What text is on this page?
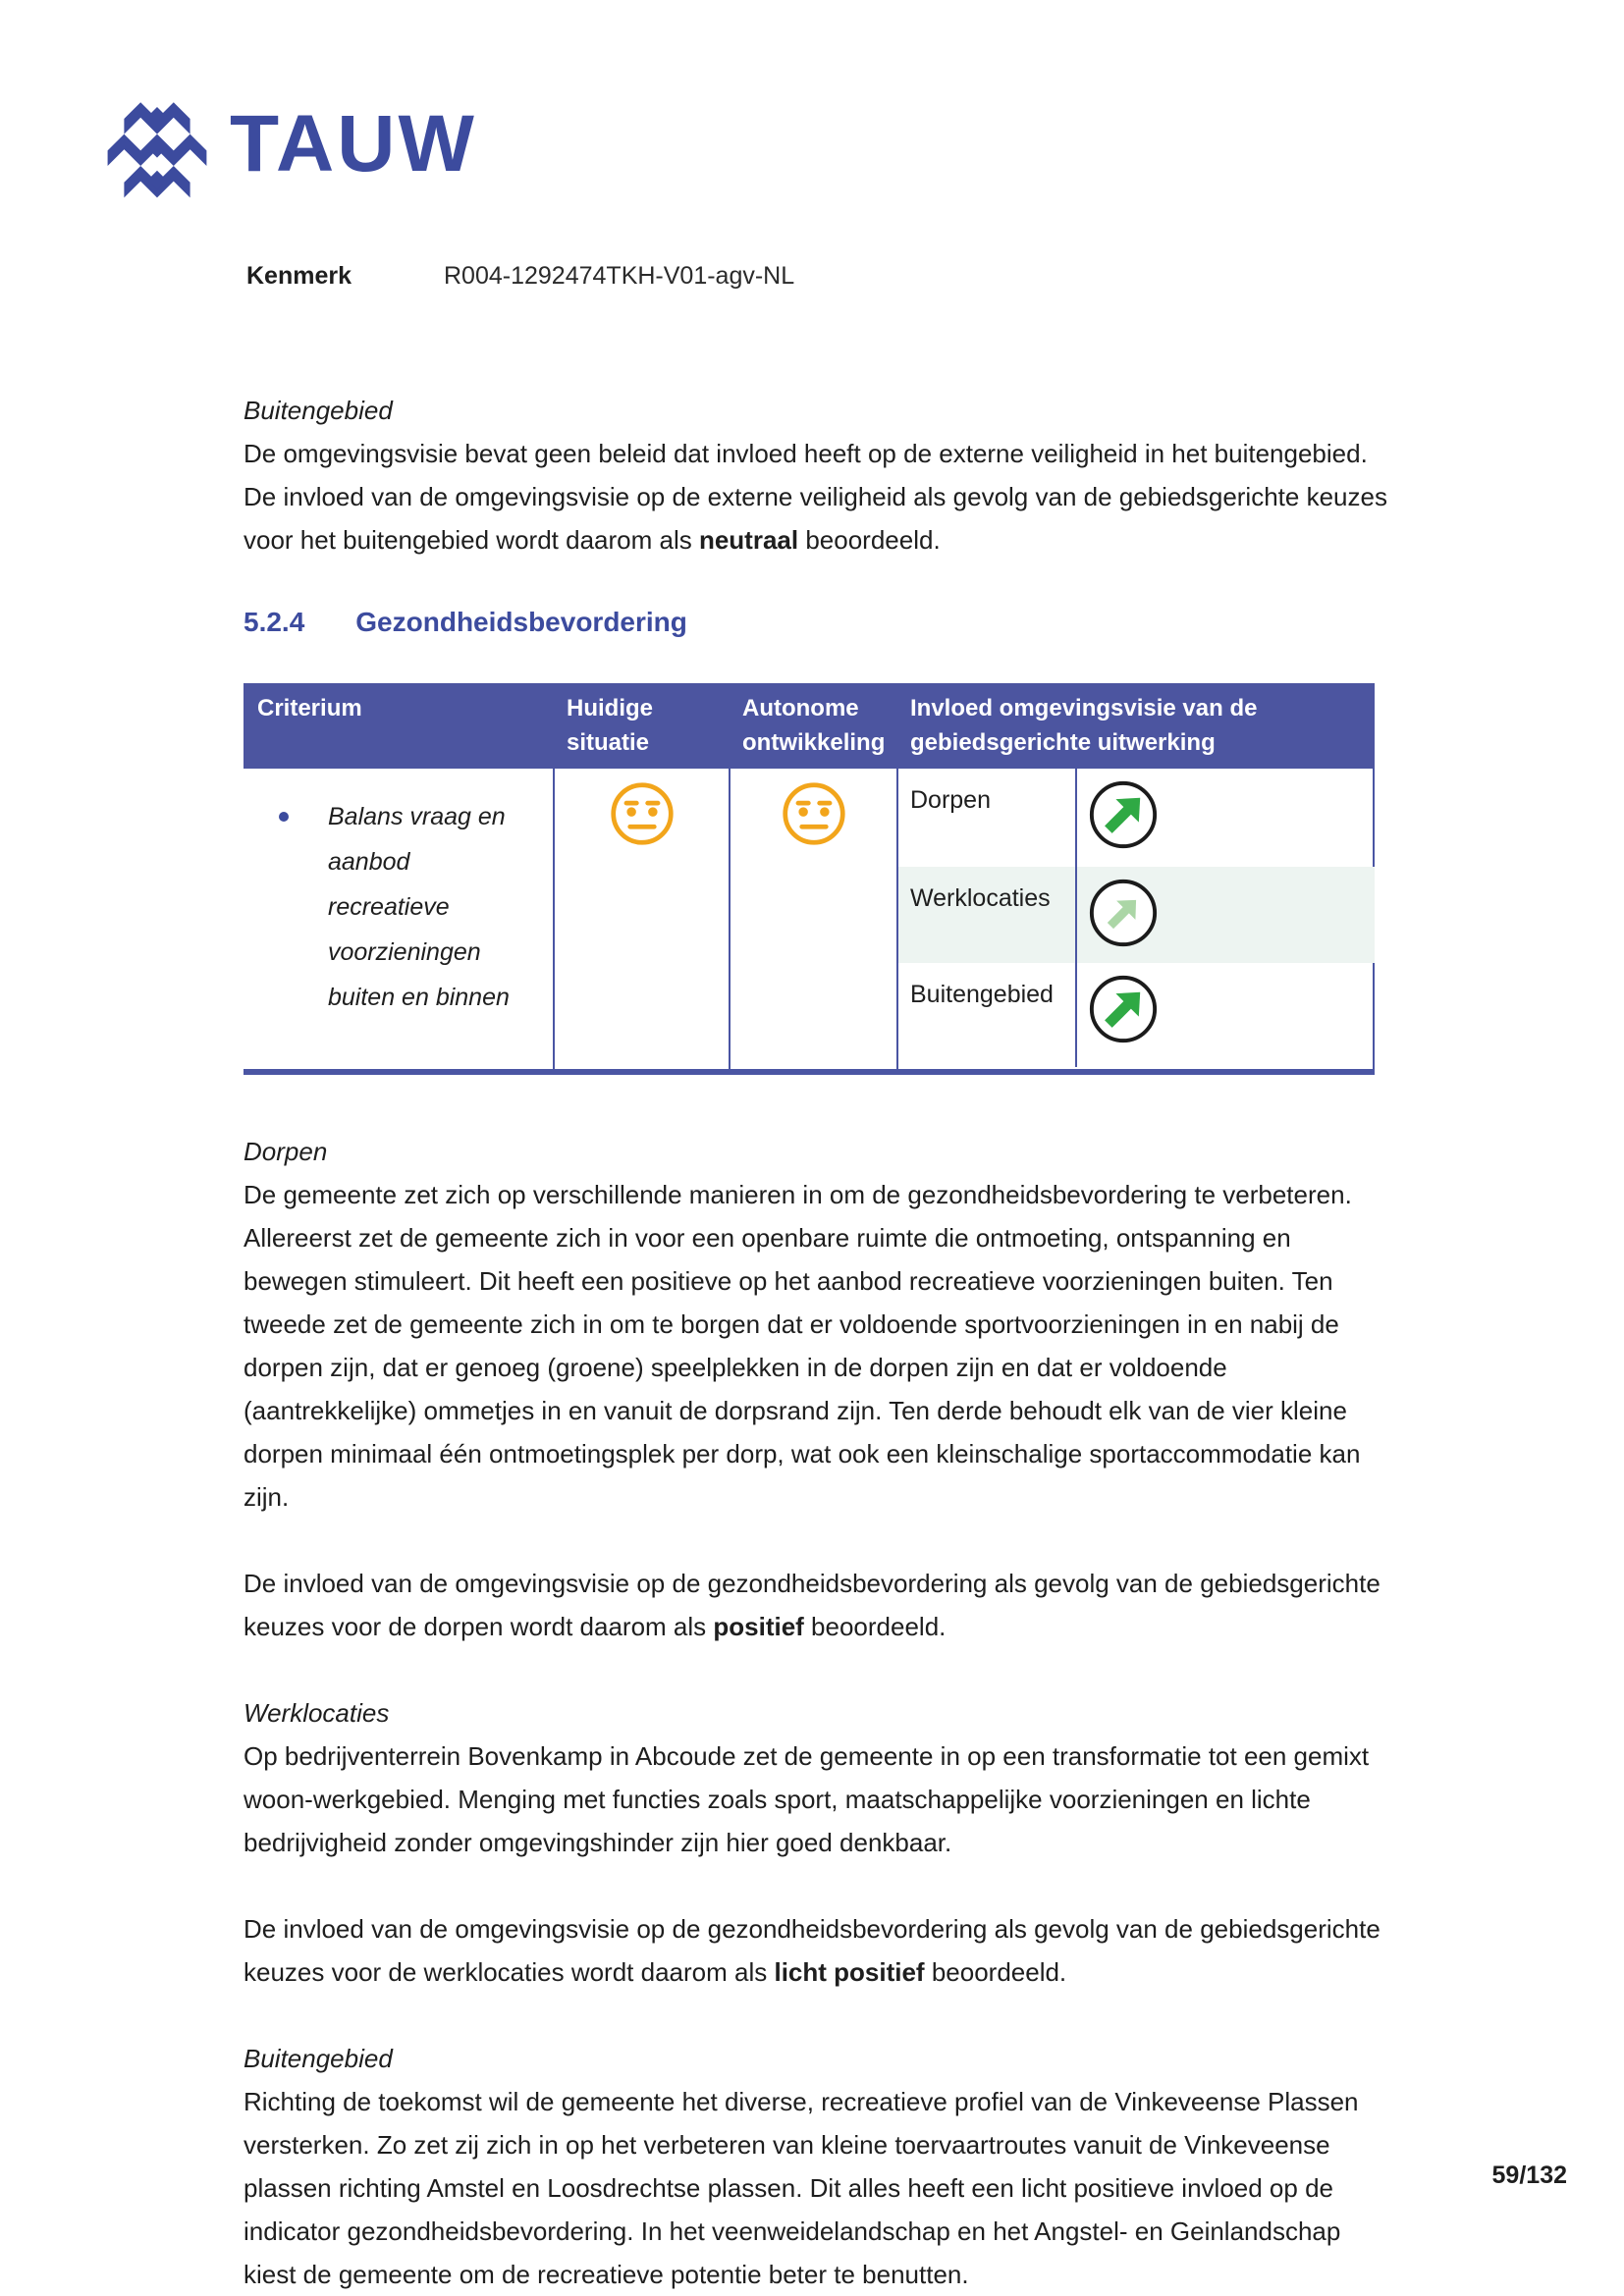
TAUW
Kenmerk	R004-1292474TKH-V01-agv-NL
Buitengebied

De omgevingsvisie bevat geen beleid dat invloed heeft op de externe veiligheid in het buitengebied. De invloed van de omgevingsvisie op de externe veiligheid als gevolg van de gebiedsgerichte keuzes voor het buitengebied wordt daarom als neutraal beoordeeld.

5.2.4 Gezondheidsbevordering
Criterium	Huidige situatie
Autonome ontwikkeling
Invloed omgevingsvisie van de gebiedsgerichte uitwerking
Balans vraag en aanbod recreatieve voorzieningen buiten en binnen
Dorpen
Werklocaties
Buitengebied
Dorpen

De gemeente zet zich op verschillende manieren in om de gezondheidsbevordering te verbeteren. Allereerst zet de gemeente zich in voor een openbare ruimte die ontmoeting, ontspanning en bewegen stimuleert. Dit heeft een positieve op het aanbod recreatieve voorzieningen buiten. Ten tweede zet de gemeente zich in om te borgen dat er voldoende sportvoorzieningen in en nabij de dorpen zijn, dat er genoeg (groene) speelplekken in de dorpen zijn en dat er voldoende (aantrekkelijke) ommetjes in en vanuit de dorpsrand zijn. Ten derde behoudt elk van de vier kleine dorpen minimaal één ontmoetingsplek per dorp, wat ook een kleinschalige sportaccommodatie kan zijn.

De invloed van de omgevingsvisie op de gezondheidsbevordering als gevolg van de gebiedsgerichte keuzes voor de dorpen wordt daarom als positief beoordeeld.

Werklocaties

Op bedrijventerrein Bovenkamp in Abcoude zet de gemeente in op een transformatie tot een gemixt woon-werkgebied. Menging met functies zoals sport, maatschappelijke voorzieningen en lichte bedrijvigheid zonder omgevingshinder zijn hier goed denkbaar.

De invloed van de omgevingsvisie op de gezondheidsbevordering als gevolg van de gebiedsgerichte keuzes voor de werklocaties wordt daarom als licht positief beoordeeld.

Buitengebied

Richting de toekomst wil de gemeente het diverse, recreatieve profiel van de Vinkeveense Plassen versterken. Zo zet zij zich in op het verbeteren van kleine toervaartroutes vanuit de Vinkeveense plassen richting Amstel en Loosdrechtse plassen. Dit alles heeft een licht positieve invloed op de indicator gezondheidsbevordering. In het veenweidelandschap en het Angstel- en Geinlandschap kiest de gemeente om de recreatieve potentie beter te benutten.

59/132
